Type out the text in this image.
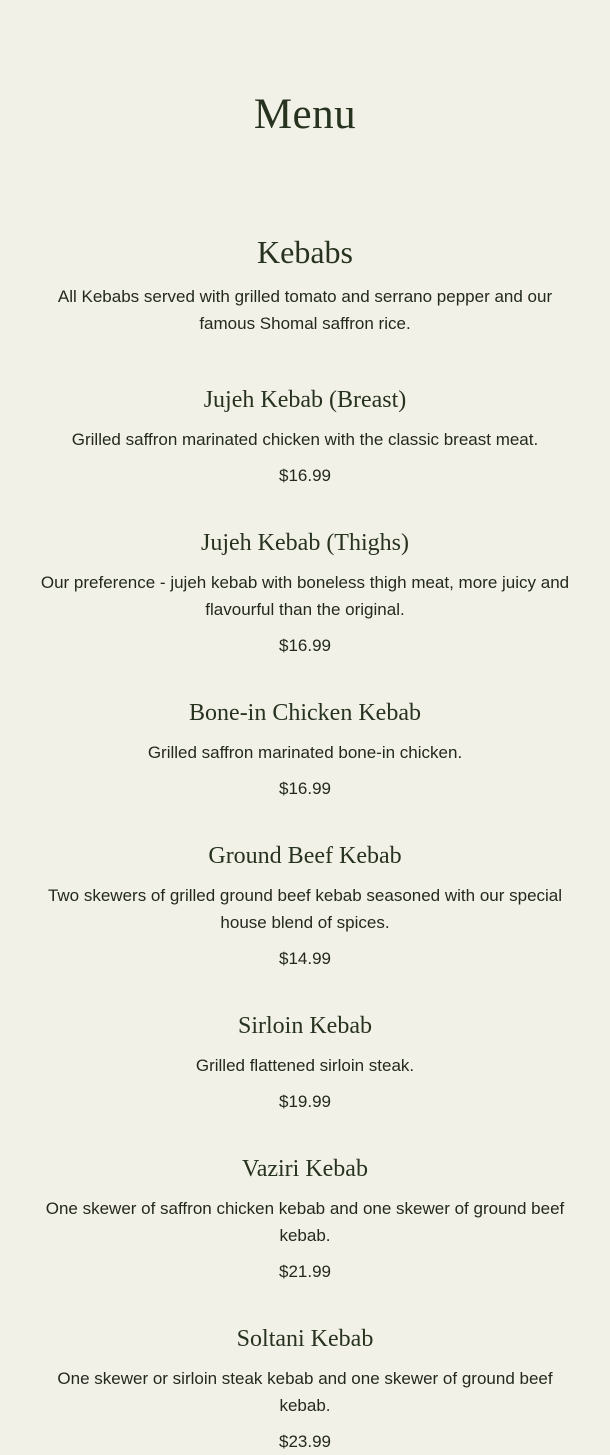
Menu
Kebabs

All Kebabs served with grilled tomato and serrano pepper and our famous Shomal saffron rice.

Jujeh Kebab (Breast)

Grilled saffron marinated chicken with the classic breast meat.

$16.99

Jujeh Kebab (Thighs)

Our preference - jujeh kebab with boneless thigh meat, more juicy and flavourful than the original.

$16.99

Bone-in Chicken Kebab

Grilled saffron marinated bone-in chicken.

$16.99

Ground Beef Kebab

Two skewers of grilled ground beef kebab seasoned with our special house blend of spices.

$14.99

Sirloin Kebab

Grilled flattened sirloin steak.

$19.99

Vaziri Kebab

One skewer of saffron chicken kebab and one skewer of ground beef kebab.

$21.99

Soltani Kebab

One skewer or sirloin steak kebab and one skewer of ground beef kebab.

$23.99
